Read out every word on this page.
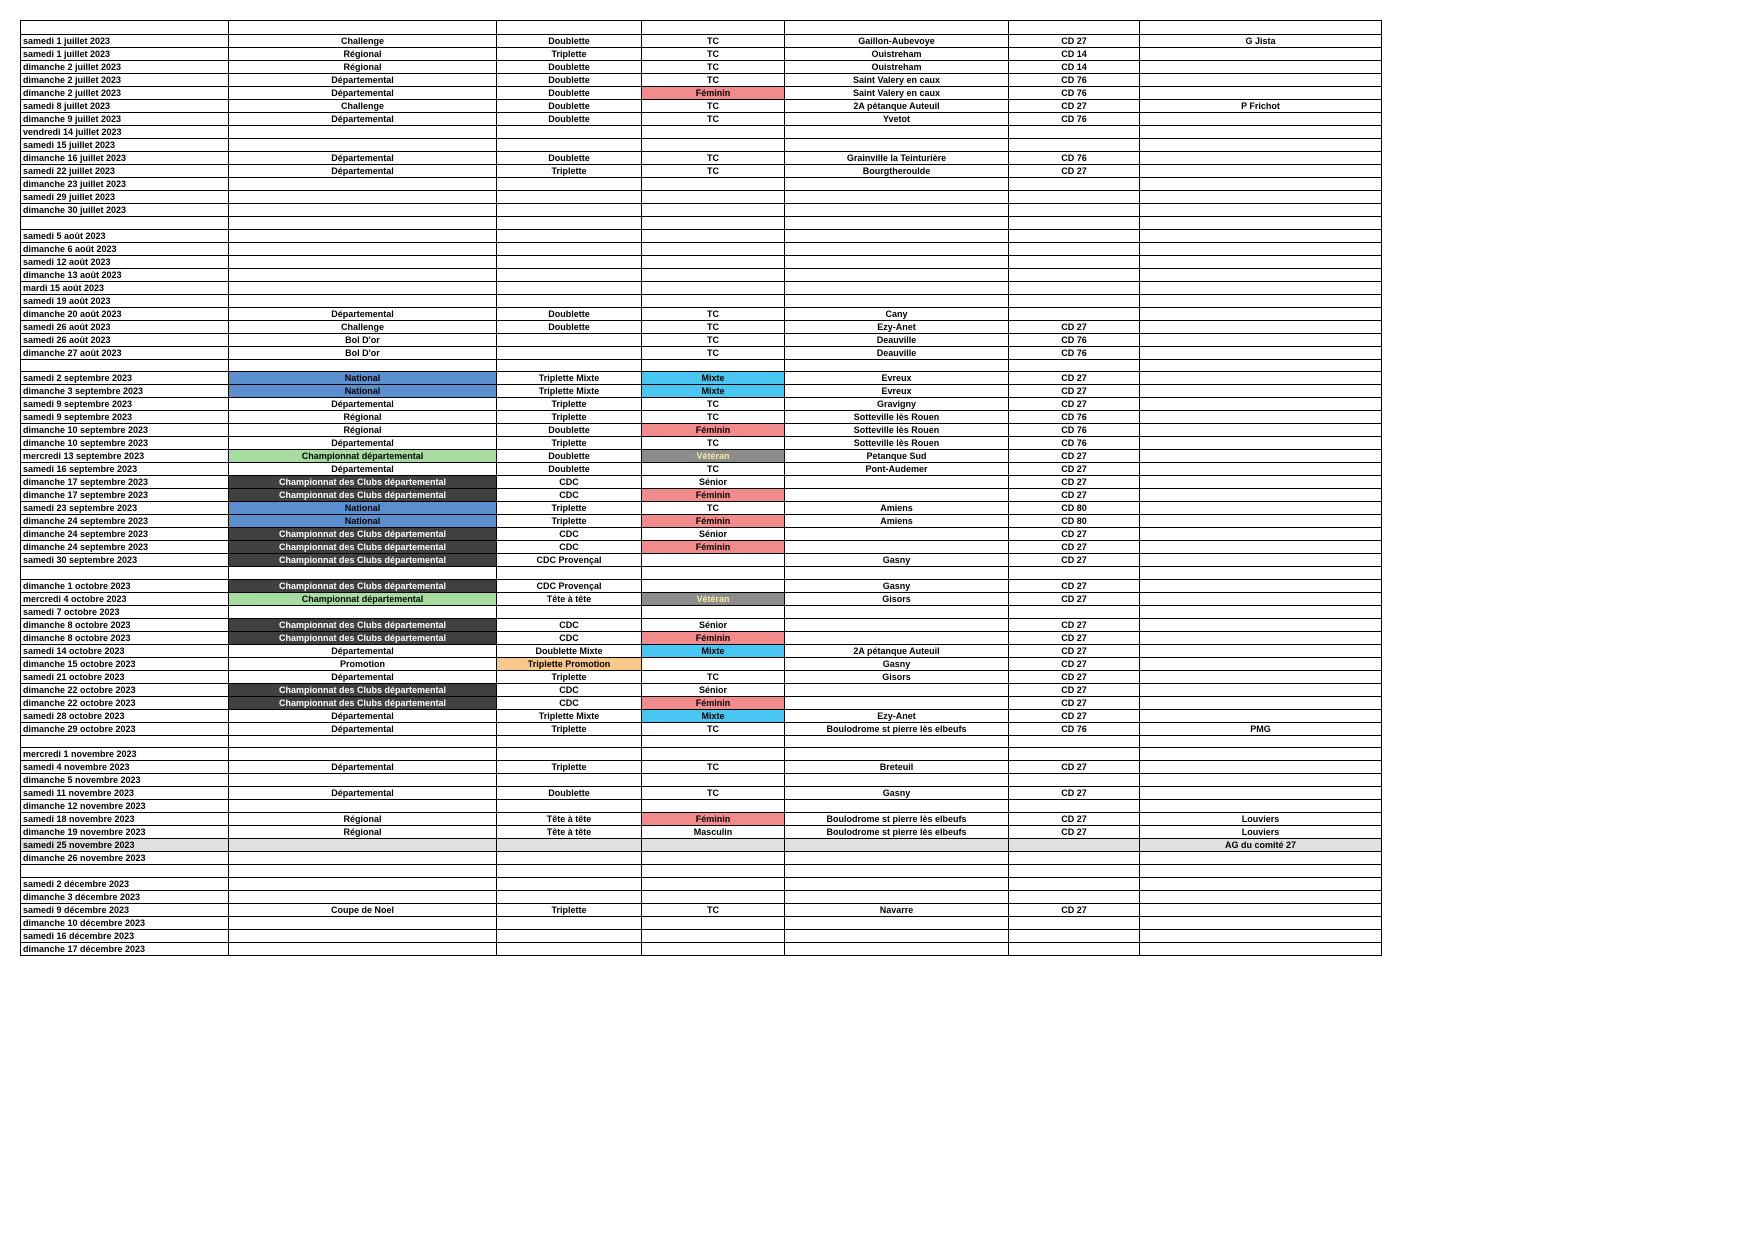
samedi 1 juillet 2023	Challenge	Doublette	TC	Gaillon-Aubevoye	CD 27	G Jista
samedi 1 juillet 2023	Régional	Triplette	TC	Ouistreham	CD 14	
dimanche 2 juillet 2023	Régional	Doublette	TC	Ouistreham	CD 14	
dimanche 2 juillet 2023	Départemental	Doublette	TC	Saint Valery en caux	CD 76	
dimanche 2 juillet 2023	Départemental	Doublette	Féminin	Saint Valery en caux	CD 76	
samedi 8 juillet 2023	Challenge	Doublette	TC	2A pétanque Auteuil	CD 27	P Frichot
dimanche 9 juillet 2023	Départemental	Doublette	TC	Yvetot	CD 76	
vendredi 14 juillet 2023						
samedi 15 juillet 2023						
dimanche 16 juillet 2023	Départemental	Doublette	TC	Grainville la Teinturière	CD 76	
samedi 22 juillet 2023	Départemental	Triplette	TC	Bourgtheroulde	CD 27	
dimanche 23 juillet 2023						
samedi 29 juillet 2023						
dimanche 30 juillet 2023						

samedi 5 août 2023						
dimanche 6 août 2023						
samedi 12 août 2023						
dimanche 13 août 2023						
mardi 15 août 2023						
samedi 19 août 2023						
dimanche 20 août 2023	Départemental	Doublette	TC	Cany		
samedi 26 août 2023	Challenge	Doublette	TC	Ezy-Anet	CD 27	
samedi 26 août 2023	Bol D'or		TC	Deauville	CD 76	
dimanche 27 août 2023	Bol D'or		TC	Deauville	CD 76	

samedi 2 septembre 2023	National	Triplette Mixte	Mixte	Evreux	CD 27	
dimanche 3 septembre 2023	National	Triplette Mixte	Mixte	Evreux	CD 27	
samedi 9 septembre 2023	Départemental	Triplette	TC	Gravigny	CD 27	
samedi 9 septembre 2023	Régional	Triplette	TC	Sotteville lès Rouen	CD 76	
dimanche 10 septembre 2023	Régional	Doublette	Féminin	Sotteville lès Rouen	CD 76	
dimanche 10 septembre 2023	Départemental	Triplette	TC	Sotteville lès Rouen	CD 76	
mercredi 13 septembre 2023	Championnat départemental	Doublette	Vétéran	Petanque Sud	CD 27	
samedi 16 septembre 2023	Départemental	Doublette	TC	Pont-Audemer	CD 27	
dimanche 17 septembre 2023	Championnat des Clubs départemental	CDC	Sénior		CD 27	
dimanche 17 septembre 2023	Championnat des Clubs départemental	CDC	Féminin		CD 27	
samedi 23 septembre 2023	National	Triplette	TC	Amiens	CD 80	
dimanche 24 septembre 2023	National	Triplette	Féminin	Amiens	CD 80	
dimanche 24 septembre 2023	Championnat des Clubs départemental	CDC	Sénior		CD 27	
dimanche 24 septembre 2023	Championnat des Clubs départemental	CDC	Féminin		CD 27	
samedi 30 septembre 2023	Championnat des Clubs départemental	CDC Provençal		Gasny	CD 27	

dimanche 1 octobre 2023	Championnat des Clubs départemental	CDC Provençal		Gasny	CD 27	
mercredi 4 octobre 2023	Championnat départemental	Tête à tête	Vétéran	Gisors	CD 27	
samedi 7 octobre 2023						
dimanche 8 octobre 2023	Championnat des Clubs départemental	CDC	Sénior		CD 27	
dimanche 8 octobre 2023	Championnat des Clubs départemental	CDC	Féminin		CD 27	
samedi 14 octobre 2023	Départemental	Doublette Mixte	Mixte	2A pétanque Auteuil	CD 27	
dimanche 15 octobre 2023	Promotion	Triplette Promotion		Gasny	CD 27	
samedi 21 octobre 2023	Départemental	Triplette	TC	Gisors	CD 27	
dimanche 22 octobre 2023	Championnat des Clubs départemental	CDC	Sénior		CD 27	
dimanche 22 octobre 2023	Championnat des Clubs départemental	CDC	Féminin		CD 27	
samedi 28 octobre 2023	Départemental	Triplette Mixte	Mixte	Ezy-Anet	CD 27	
dimanche 29 octobre 2023	Départemental	Triplette	TC	Boulodrome st pierre lès elbeufs	CD 76	PMG

mercredi 1 novembre 2023						
samedi 4 novembre 2023	Départemental	Triplette	TC	Breteuil	CD 27	
dimanche 5 novembre 2023						
samedi 11 novembre 2023	Départemental	Doublette	TC	Gasny	CD 27	
dimanche 12 novembre 2023						
samedi 18 novembre 2023	Régional	Tête à tête	Féminin	Boulodrome st pierre lès elbeufs	CD 27	Louviers
dimanche 19 novembre 2023	Régional	Tête à tête	Masculin	Boulodrome st pierre lès elbeufs	CD 27	Louviers
samedi 25 novembre 2023						AG du comité 27
dimanche 26 novembre 2023						

samedi 2 décembre 2023						
dimanche 3 décembre 2023						
samedi 9 décembre 2023	Coupe de Noel	Triplette	TC	Navarre	CD 27	
dimanche 10 décembre 2023						
samedi 16 décembre 2023						
dimanche 17 décembre 2023						
